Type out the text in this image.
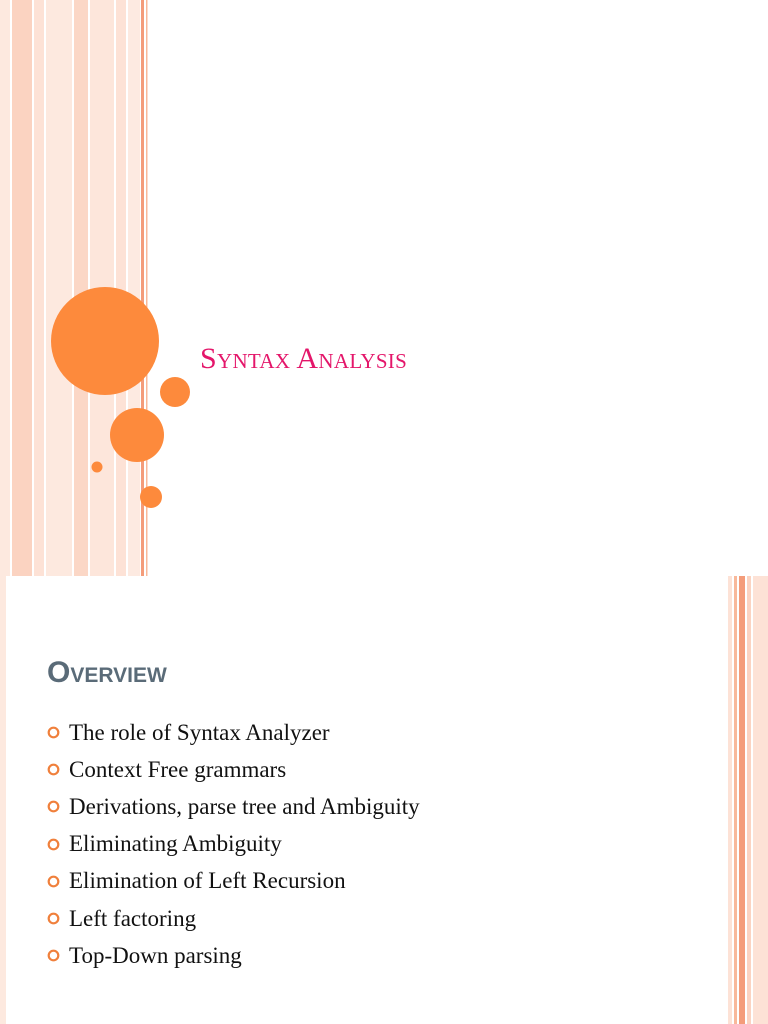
Syntax Analysis
Overview
The role of Syntax Analyzer
Context Free grammars
Derivations, parse tree and Ambiguity
Eliminating Ambiguity
Elimination of Left Recursion
Left factoring
Top-Down parsing
